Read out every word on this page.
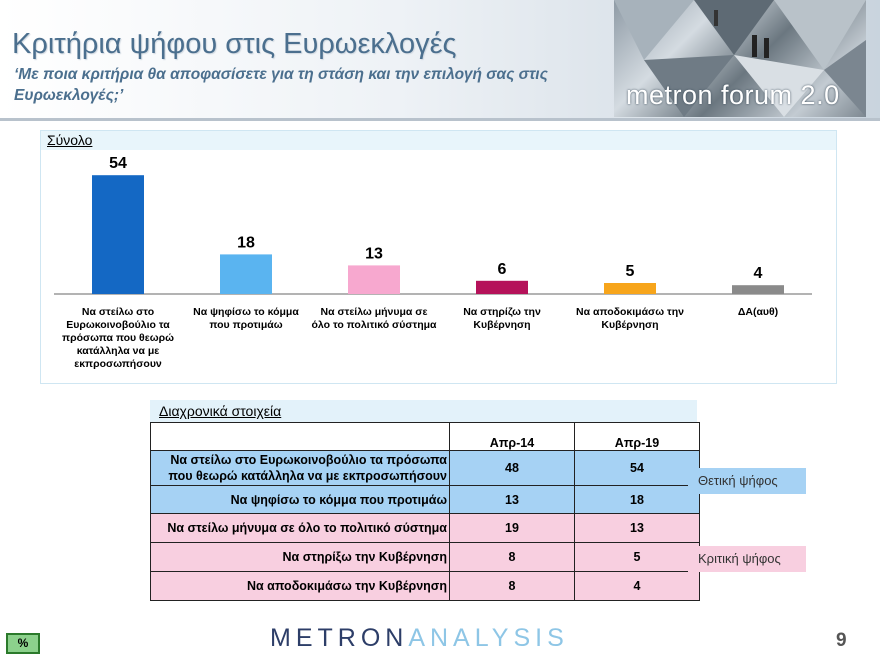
Κριτήρια ψήφου στις Ευρωεκλογές
‘Με ποια κριτήρια θα αποφασίσετε για τη στάση και την επιλογή σας στις Ευρωεκλογές;’	metron forum 2.0
Σύνολο
54
18
13
6	5	4
Να στείλω στο Ευρωκοινοβούλιο τα πρόσωπα που θεωρώ κατάλληλα να με εκπροσωπήσουν
Να ψηφίσω το κόμμα που προτιμάω
Να στείλω μήνυμα σε όλο το πολιτικό σύστημα
Να στηρίζω την Κυβέρνηση
Να αποδοκιμάσω την Κυβέρνηση
ΔΑ(αυθ)
Διαχρονικά στοιχεία
	Απρ-14	Απρ-19
Να στείλω στο Ευρωκοινοβούλιο τα πρόσωπα που θεωρώ κατάλληλα να με εκπροσωπήσουν	48	54
Να ψηφίσω το κόμμα που προτιμάω	13	18
Να στείλω μήνυμα σε όλο το πολιτικό σύστημα	19	13
Να στηρίξω την Κυβέρνηση	8	5
Να αποδοκιμάσω την Κυβέρνηση	8	4
Θετική ψήφος
Κριτική ψήφος
%	METRONANALYSIS	9
